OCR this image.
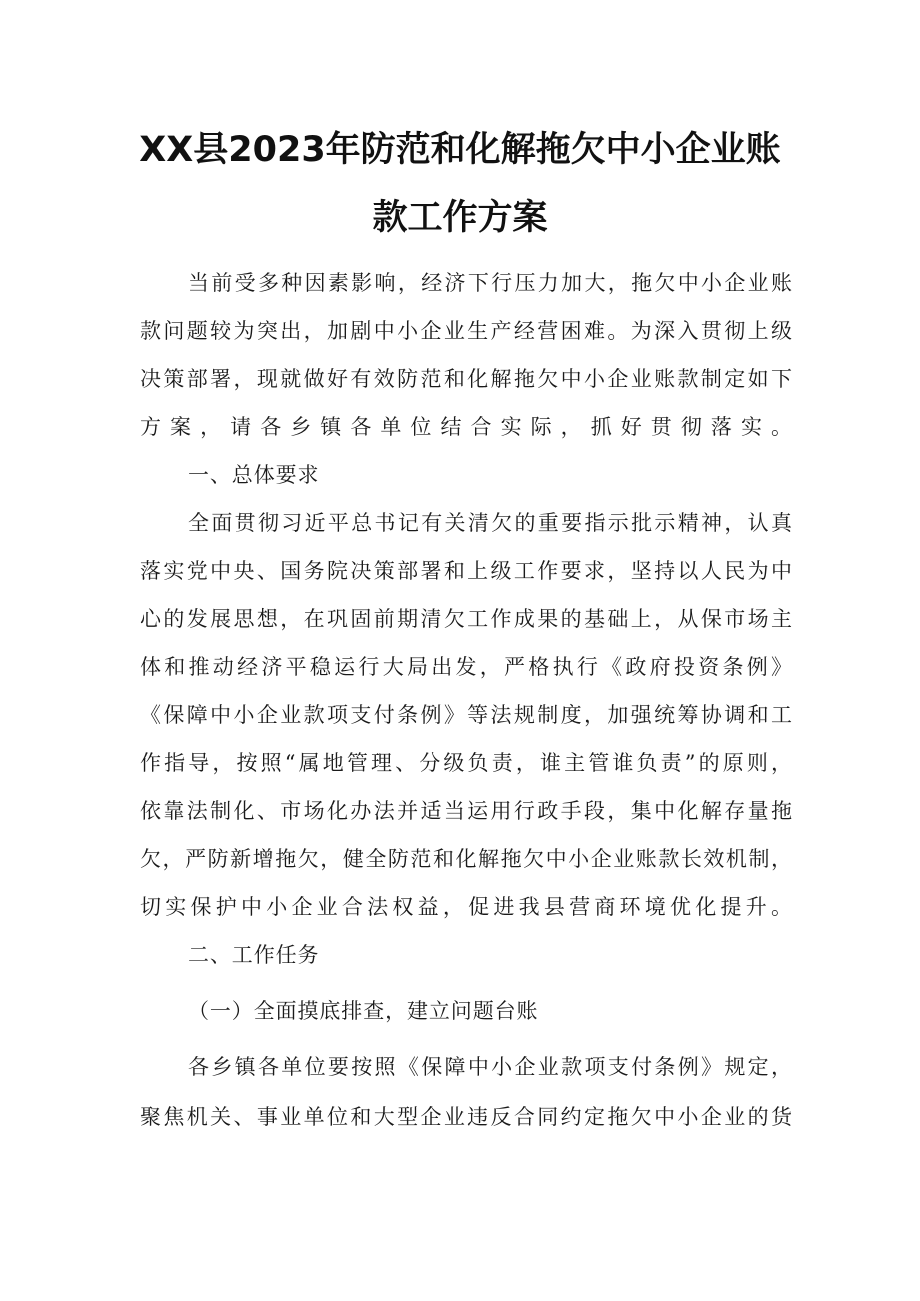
XX县2023年防范和化解拖欠中小企业账
款工作方案
当前受多种因素影响，经济下行压力加大，拖欠中小企业账
款问题较为突出，加剧中小企业生产经营困难。为深入贯彻上级
决策部署，现就做好有效防范和化解拖欠中小企业账款制定如下
方案，请各乡镇各单位结合实际，抓好贯彻落实。
一、总体要求
全面贯彻习近平总书记有关清欠的重要指示批示精神，认真
落实党中央、国务院决策部署和上级工作要求，坚持以人民为中
心的发展思想，在巩固前期清欠工作成果的基础上，从保市场主
体和推动经济平稳运行大局出发，严格执行《政府投资条例》
《保障中小企业款项支付条例》等法规制度，加强统筹协调和工
作指导，按照“属地管理、分级负责，谁主管谁负责”的原则，
依靠法制化、市场化办法并适当运用行政手段，集中化解存量拖
欠，严防新增拖欠，健全防范和化解拖欠中小企业账款长效机制，
切实保护中小企业合法权益，促进我县营商环境优化提升。
二、工作任务
（一）全面摸底排查，建立问题台账
各乡镇各单位要按照《保障中小企业款项支付条例》规定，
聚焦机关、事业单位和大型企业违反合同约定拖欠中小企业的货
